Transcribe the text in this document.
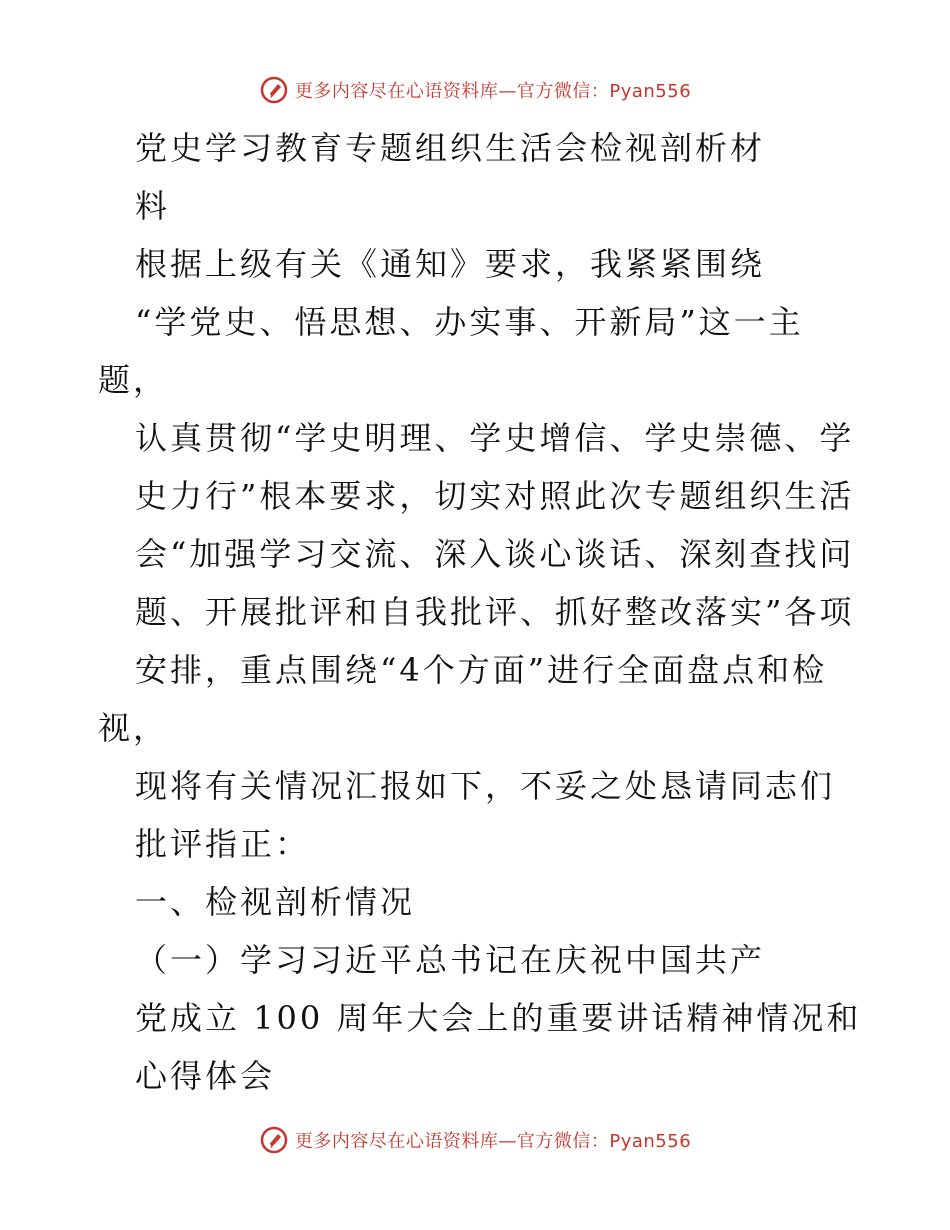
更多内容尽在心语资料库—官方微信：Pyan556
党史学习教育专题组织生活会检视剖析材
料
根据上级有关《通知》要求，我紧紧围绕
“学党史、悟思想、办实事、开新局”这一主
题，
认真贯彻“学史明理、学史增信、学史崇德、学
史力行”根本要求，切实对照此次专题组织生活
会“加强学习交流、深入谈心谈话、深刻查找问
题、开展批评和自我批评、抓好整改落实”各项
安排，重点围绕“4个方面”进行全面盘点和检
视，
现将有关情况汇报如下，不妥之处恳请同志们
批评指正：
一、检视剖析情况
（一）学习习近平总书记在庆祝中国共产
党成立 100 周年大会上的重要讲话精神情况和
心得体会
更多内容尽在心语资料库—官方微信：Pyan556
